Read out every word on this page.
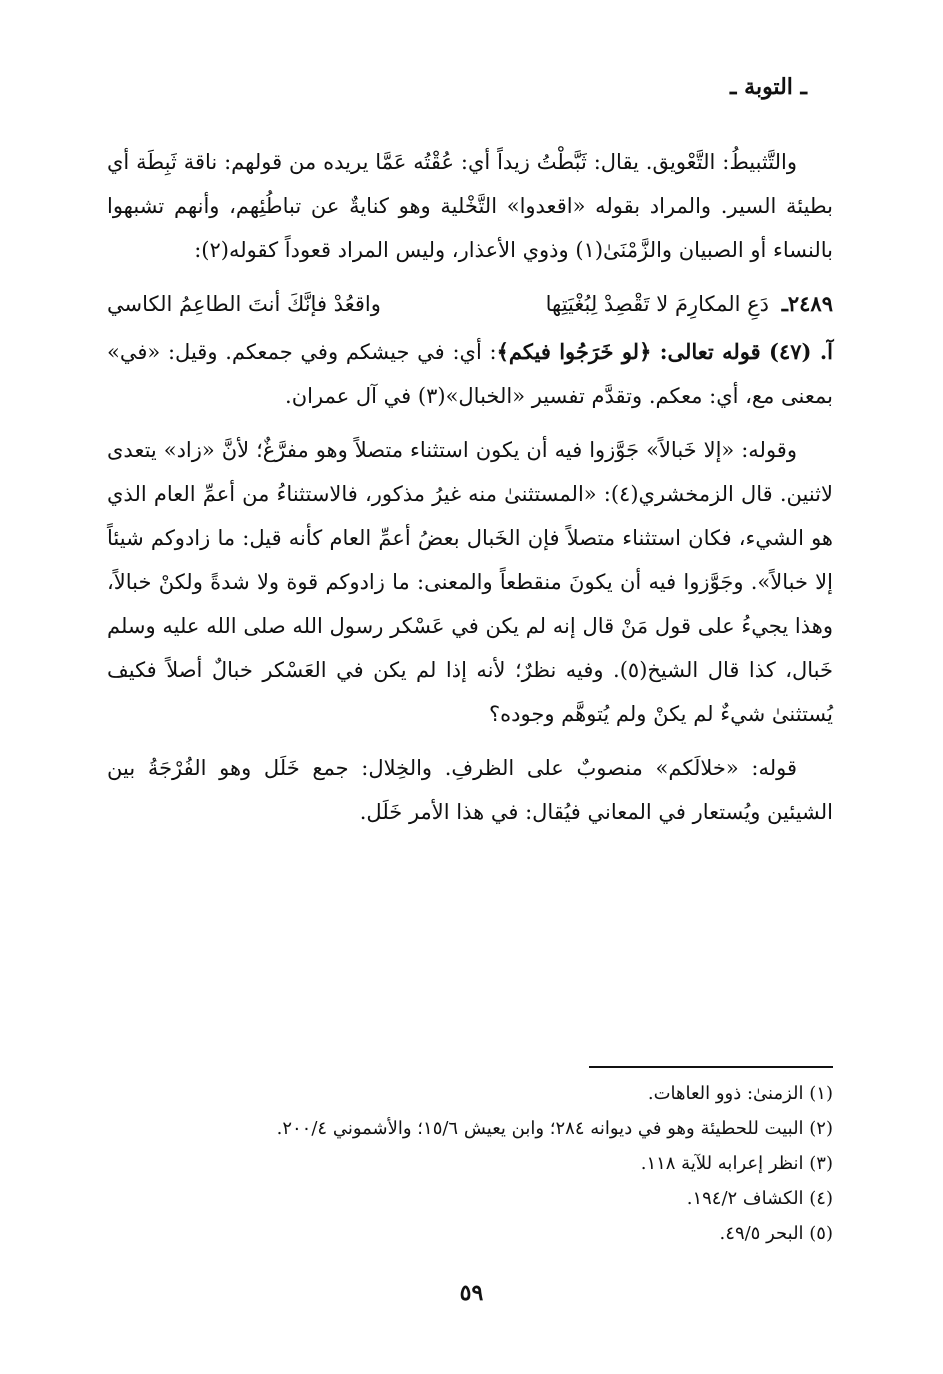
ـ التوبة ـ

والتَّثبيطُ: التَّعْويق. يقال: ثَبَّطْتُ زيداً أي: عُقْتُه عَمَّا يريده من قولهم: ناقة ثَبِطَة أي بطيئة السير. والمراد بقوله «اقعدوا» التَّخْلية وهو كنايةٌ عن تباطُئِهم، وأنهم تشبهوا بالنساء أو الصبيان والزَّمْنَىٰ(١) وذوي الأعذار، وليس المراد قعوداً كقوله(٢):

٢٤٨٩ـ دَعِ المكارِمَ لا تَقْصِدْ لِبُغْيَتِها
واقعُدْ فإنَّكَ أنتَ الطاعِمُ الكاسي

آ. (٤٧) قوله تعالى: ﴿لو خَرَجُوا فيكم﴾: أي: في جيشكم وفي جمعكم. وقيل: «في» بمعنى مع، أي: معكم. وتقدَّم تفسير «الخبال»(٣) في آل عمران.

وقوله: «إلا خَبالاً» جَوَّزوا فيه أن يكون استثناء متصلاً وهو مفرَّغٌ؛ لأنَّ «زاد» يتعدى لاثنين. قال الزمخشري(٤): «المستثنىٰ منه غيرُ مذكور، فالاستثناءُ من أعمِّ العام الذي هو الشيء، فكان استثناء متصلاً فإن الخَبال بعضُ أعمِّ العام كأنه قيل: ما زادوكم شيئاً إلا خبالاً». وجَوَّزوا فيه أن يكونَ منقطعاً والمعنى: ما زادوكم قوة ولا شدةً ولكنْ خبالاً، وهذا يجيءُ على قول مَنْ قال إنه لم يكن في عَسْكر رسول الله صلى الله عليه وسلم خَبال، كذا قال الشيخ(٥). وفيه نظرٌ؛ لأنه إذا لم يكن في العَسْكر خبالٌ أصلاً فكيف يُستثنىٰ شيءٌ لم يكنْ ولم يُتوهَّم وجوده؟

قوله: «خلالَكم» منصوبٌ على الظرفِ. والخِلال: جمع خَلَل وهو الفُرْجَةُ بين الشيئين ويُستعار في المعاني فيُقال: في هذا الأمر خَلَل.

(١) الزمنىٰ: ذوو العاهات.
(٢) البيت للحطيئة وهو في ديوانه ٢٨٤؛ وابن يعيش ١٥/٦؛ والأشموني ٢٠٠/٤.
(٣) انظر إعرابه للآية ١١٨.
(٤) الكشاف ١٩٤/٢.
(٥) البحر ٤٩/٥.
٥٩
